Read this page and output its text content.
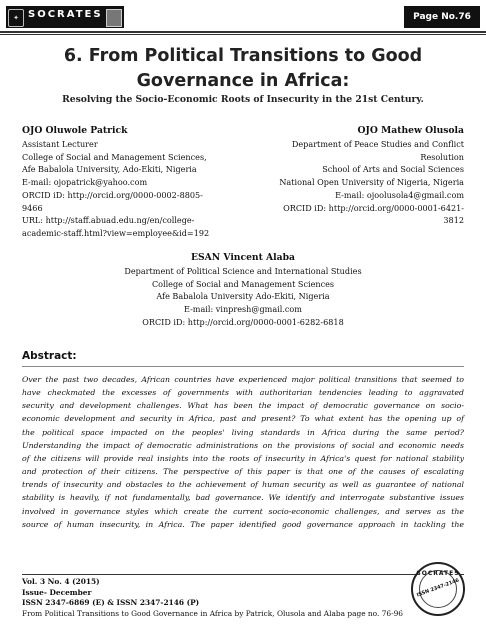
✦ SOCRATES	Page No.76
6. From Political Transitions to Good
Governance in Africa:
Resolving the Socio-Economic Roots of Insecurity in the 21st Century.
OJO Oluwole Patrick
Assistant Lecturer
College of Social and Management Sciences,
Afe Babalola University, Ado-Ekiti, Nigeria
E-mail: ojopatrick@yahoo.com
ORCID iD: http://orcid.org/0000-0002-8805-
9466
URL: http://staff.abuad.edu.ng/en/college-
academic-staff.html?view=employee&id=192
OJO Mathew Olusola
Department of Peace Studies and Conflict
Resolution
School of Arts and Social Sciences
National Open University of Nigeria, Nigeria
E-mail: ojoolusola4@gmail.com
ORCID iD: http://orcid.org/0000-0001-6421-
3812
ESAN Vincent Alaba
Department of Political Science and International Studies
College of Social and Management Sciences
Afe Babalola University Ado-Ekiti, Nigeria
E-mail: vinpresh@gmail.com
ORCID iD: http://orcid.org/0000-0001-6282-6818
Abstract:
Over the past two decades, African countries have experienced major political transitions that seemed to
have checkmated the excesses of governments with authoritarian tendencies leading to aggravated
security and development challenges. What has been the impact of democratic governance on socio-
economic development and security in Africa, past and present? To what extent has the opening up of
the political space impacted on the peoples' living standards in Africa during the same period?
Understanding the impact of democratic administrations on the provisions of social and economic needs
of the citizens will provide real insights into the roots of insecurity in Africa's quest for national stability
and protection of their citizens. The perspective of this paper is that one of the causes of escalating
trends of insecurity and obstacles to the achievement of human security as well as guarantee of national
stability is heavily, if not fundamentally, bad governance. We identify and interrogate substantive issues
involved in governance styles which create the current socio-economic challenges, and serves as the
source of human insecurity, in Africa. The paper identified good governance approach in tackling the
Vol. 3 No. 4 (2015)
Issue- December
ISSN 2347-6869 (E) & ISSN 2347-2146 (P)
From Political Transitions to Good Governance in Africa by Patrick, Olusola and Alaba page no. 76-96
SOCRATES
ISSN 2347-2146
